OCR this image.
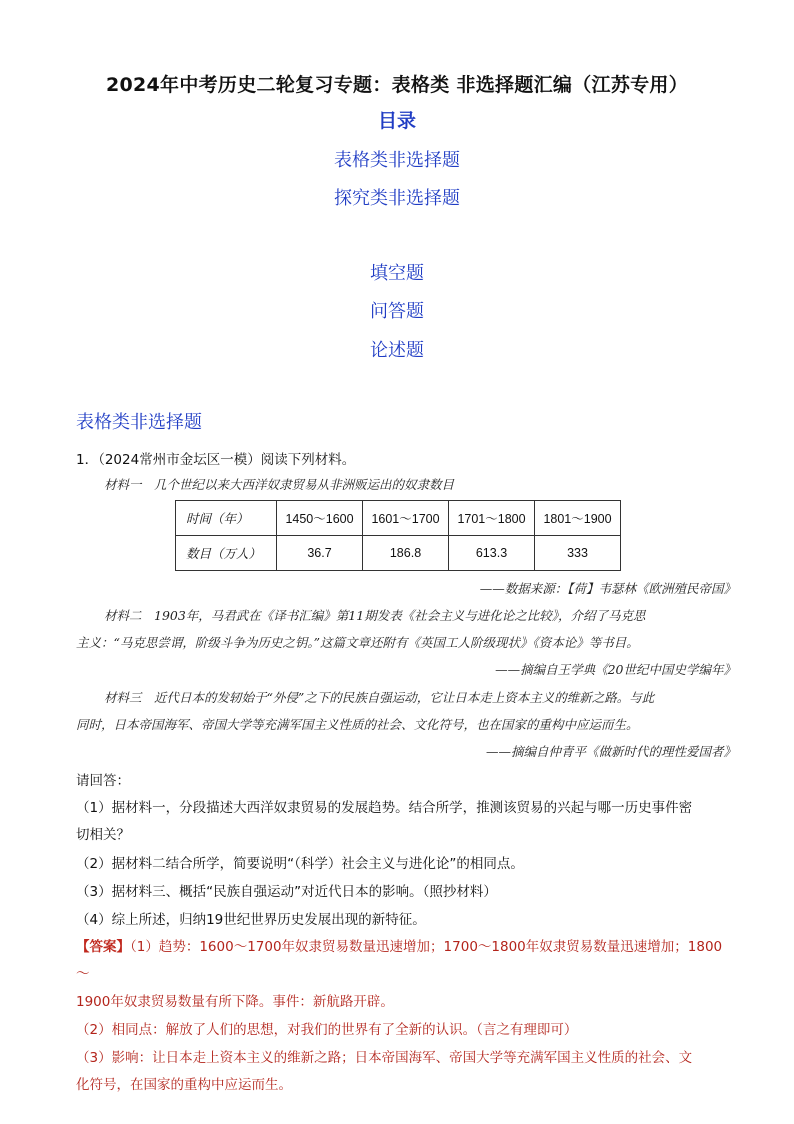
2024年中考历史二轮复习专题：表格类 非选择题汇编（江苏专用）
目录
表格类非选择题
探究类非选择题
填空题
问答题
论述题
表格类非选择题
1．（2024常州市金坛区一模）阅读下列材料。
材料一　几个世纪以来大西洋奴隶贸易从非洲贩运出的奴隶数目
时间（年）	1450～1600	1601～1700	1701～1800	1801～1900
数目（万人）	36.7	186.8	613.3	333
——数据来源：【荷】韦瑟林《欧洲殖民帝国》
材料二　1903年，马君武在《译书汇编》第11期发表《社会主义与进化论之比较》，介绍了马克思
主义：“马克思尝谓，阶级斗争为历史之钥。”这篇文章还附有《英国工人阶级现状》《资本论》等书目。
——摘编自王学典《20世纪中国史学编年》
材料三　近代日本的发轫始于“外侵”之下的民族自强运动，它让日本走上资本主义的维新之路。与此
同时，日本帝国海军、帝国大学等充满军国主义性质的社会、文化符号，也在国家的重构中应运而生。
——摘编自仲青平《做新时代的理性爱国者》
请回答：
（1）据材料一，分段描述大西洋奴隶贸易的发展趋势。结合所学，推测该贸易的兴起与哪一历史事件密
切相关？
（2）据材料二结合所学，简要说明“（科学）社会主义与进化论”的相同点。
（3）据材料三、概括“民族自强运动”对近代日本的影响。（照抄材料）
（4）综上所述，归纳19世纪世界历史发展出现的新特征。
【答案】（1）趋势：1600～1700年奴隶贸易数量迅速增加；1700～1800年奴隶贸易数量迅速增加；1800
～
1900年奴隶贸易数量有所下降。事件：新航路开辟。
（2）相同点：解放了人们的思想，对我们的世界有了全新的认识。（言之有理即可）
（3）影响：让日本走上资本主义的维新之路；日本帝国海军、帝国大学等充满军国主义性质的社会、文
化符号，在国家的重构中应运而生。
